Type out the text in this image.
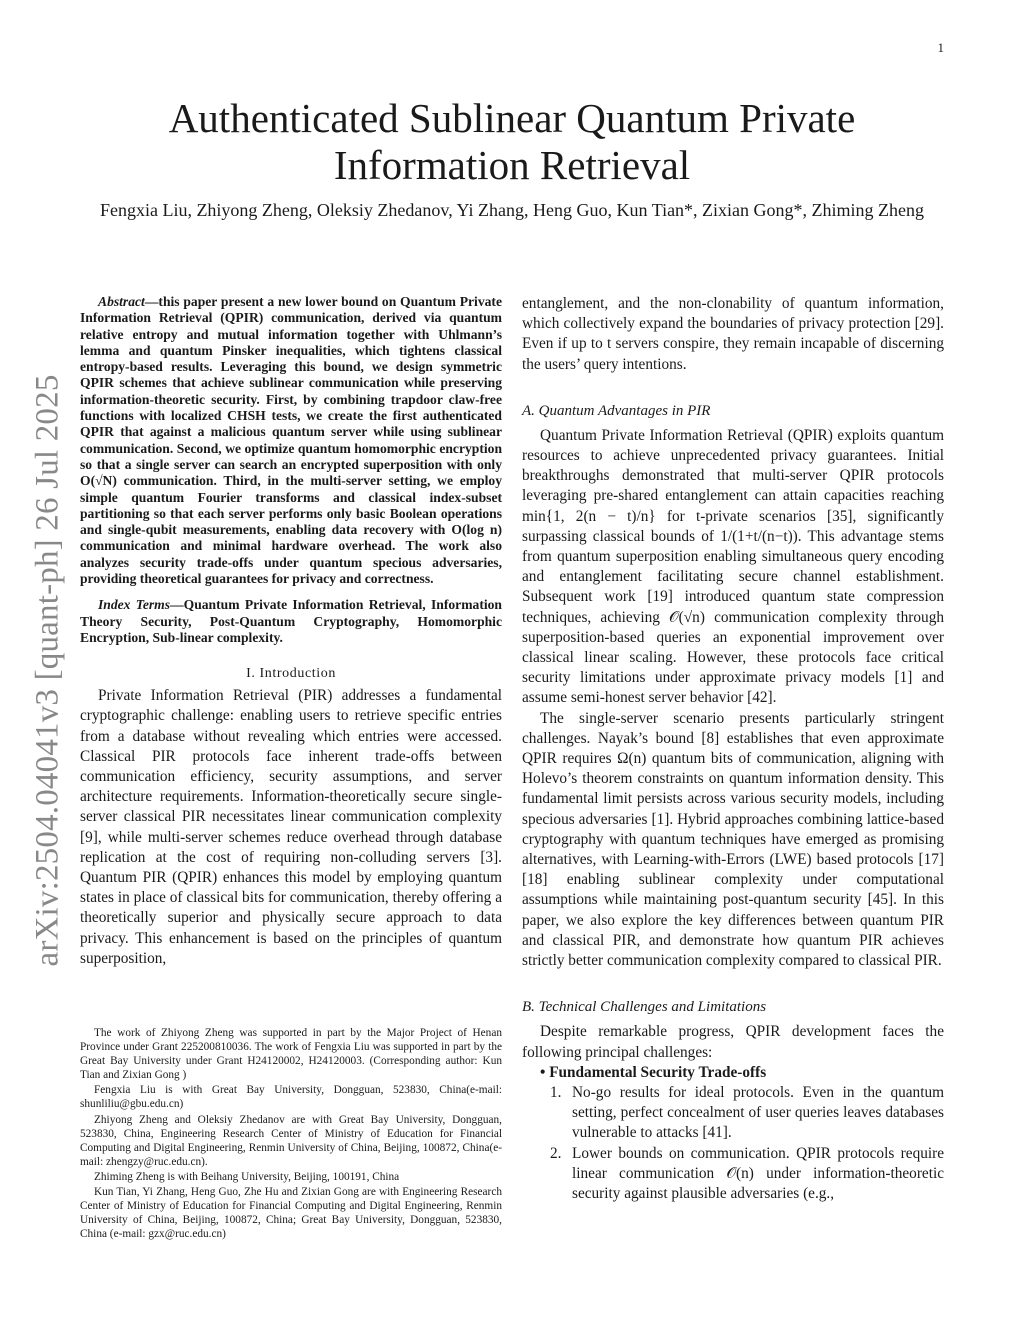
1
arXiv:2504.04041v3 [quant-ph] 26 Jul 2025
Authenticated Sublinear Quantum Private Information Retrieval
Fengxia Liu, Zhiyong Zheng, Oleksiy Zhedanov, Yi Zhang, Heng Guo, Kun Tian*, Zixian Gong*, Zhiming Zheng

Abstract—this paper present a new lower bound on Quantum Private Information Retrieval (QPIR) communication, derived via quantum relative entropy and mutual information together with Uhlmann’s lemma and quantum Pinsker inequalities, which tightens classical entropy-based results. Leveraging this bound, we design symmetric QPIR schemes that achieve sublinear communication while preserving information-theoretic security. First, by combining trapdoor claw-free functions with localized CHSH tests, we create the first authenticated QPIR that against a malicious quantum server while using sublinear communication. Second, we optimize quantum homomorphic encryption so that a single server can search an encrypted superposition with only O(√N) communication. Third, in the multi-server setting, we employ simple quantum Fourier transforms and classical index-subset partitioning so that each server performs only basic Boolean operations and single-qubit measurements, enabling data recovery with O(log n) communication and minimal hardware overhead. The work also analyzes security trade-offs under quantum specious adversaries, providing theoretical guarantees for privacy and correctness.

Index Terms—Quantum Private Information Retrieval, Information Theory Security, Post-Quantum Cryptography, Homomorphic Encryption, Sub-linear complexity.

I. Introduction

Private Information Retrieval (PIR) addresses a fundamental cryptographic challenge: enabling users to retrieve specific entries from a database without revealing which entries were accessed. Classical PIR protocols face inherent trade-offs between communication efficiency, security assumptions, and server architecture requirements. Information-theoretically secure single-server classical PIR necessitates linear communication complexity [9], while multi-server schemes reduce overhead through database replication at the cost of requiring non-colluding servers [3]. Quantum PIR (QPIR) enhances this model by employing quantum states in place of classical bits for communication, thereby offering a theoretically superior and physically secure approach to data privacy. This enhancement is based on the principles of quantum superposition,

The work of Zhiyong Zheng was supported in part by the Major Project of Henan Province under Grant 225200810036. The work of Fengxia Liu was supported in part by the Great Bay University under Grant H24120002, H24120003. (Corresponding author: Kun Tian and Zixian Gong )

Fengxia Liu is with Great Bay University, Dongguan, 523830, China(e-mail: shunliliu@gbu.edu.cn)

Zhiyong Zheng and Oleksiy Zhedanov are with Great Bay University, Dongguan, 523830, China, Engineering Research Center of Ministry of Education for Financial Computing and Digital Engineering, Renmin University of China, Beijing, 100872, China(e-mail: zhengzy@ruc.edu.cn).

Zhiming Zheng is with Beihang University, Beijing, 100191, China

Kun Tian, Yi Zhang, Heng Guo, Zhe Hu and Zixian Gong are with Engineering Research Center of Ministry of Education for Financial Computing and Digital Engineering, Renmin University of China, Beijing, 100872, China; Great Bay University, Dongguan, 523830, China (e-mail: gzx@ruc.edu.cn)

entanglement, and the non-clonability of quantum information, which collectively expand the boundaries of privacy protection [29]. Even if up to t servers conspire, they remain incapable of discerning the users’ query intentions.

A. Quantum Advantages in PIR

Quantum Private Information Retrieval (QPIR) exploits quantum resources to achieve unprecedented privacy guarantees. Initial breakthroughs demonstrated that multi-server QPIR protocols leveraging pre-shared entanglement can attain capacities reaching min{1, 2(n − t)/n} for t-private scenarios [35], significantly surpassing classical bounds of 1/(1+t/(n−t)). This advantage stems from quantum superposition enabling simultaneous query encoding and entanglement facilitating secure channel establishment. Subsequent work [19] introduced quantum state compression techniques, achieving 𝒪(√n) communication complexity through superposition-based queries an exponential improvement over classical linear scaling. However, these protocols face critical security limitations under approximate privacy models [1] and assume semi-honest server behavior [42].

The single-server scenario presents particularly stringent challenges. Nayak’s bound [8] establishes that even approximate QPIR requires Ω(n) quantum bits of communication, aligning with Holevo’s theorem constraints on quantum information density. This fundamental limit persists across various security models, including specious adversaries [1]. Hybrid approaches combining lattice-based cryptography with quantum techniques have emerged as promising alternatives, with Learning-with-Errors (LWE) based protocols [17] [18] enabling sublinear complexity under computational assumptions while maintaining post-quantum security [45]. In this paper, we also explore the key differences between quantum PIR and classical PIR, and demonstrate how quantum PIR achieves strictly better communication complexity compared to classical PIR.

B. Technical Challenges and Limitations

Despite remarkable progress, QPIR development faces the following principal challenges:

• Fundamental Security Trade-offs

1. No-go results for ideal protocols. Even in the quantum setting, perfect concealment of user queries leaves databases vulnerable to attacks [41].
2. Lower bounds on communication. QPIR protocols require linear communication 𝒪(n) under information-theoretic security against plausible adversaries (e.g.,
